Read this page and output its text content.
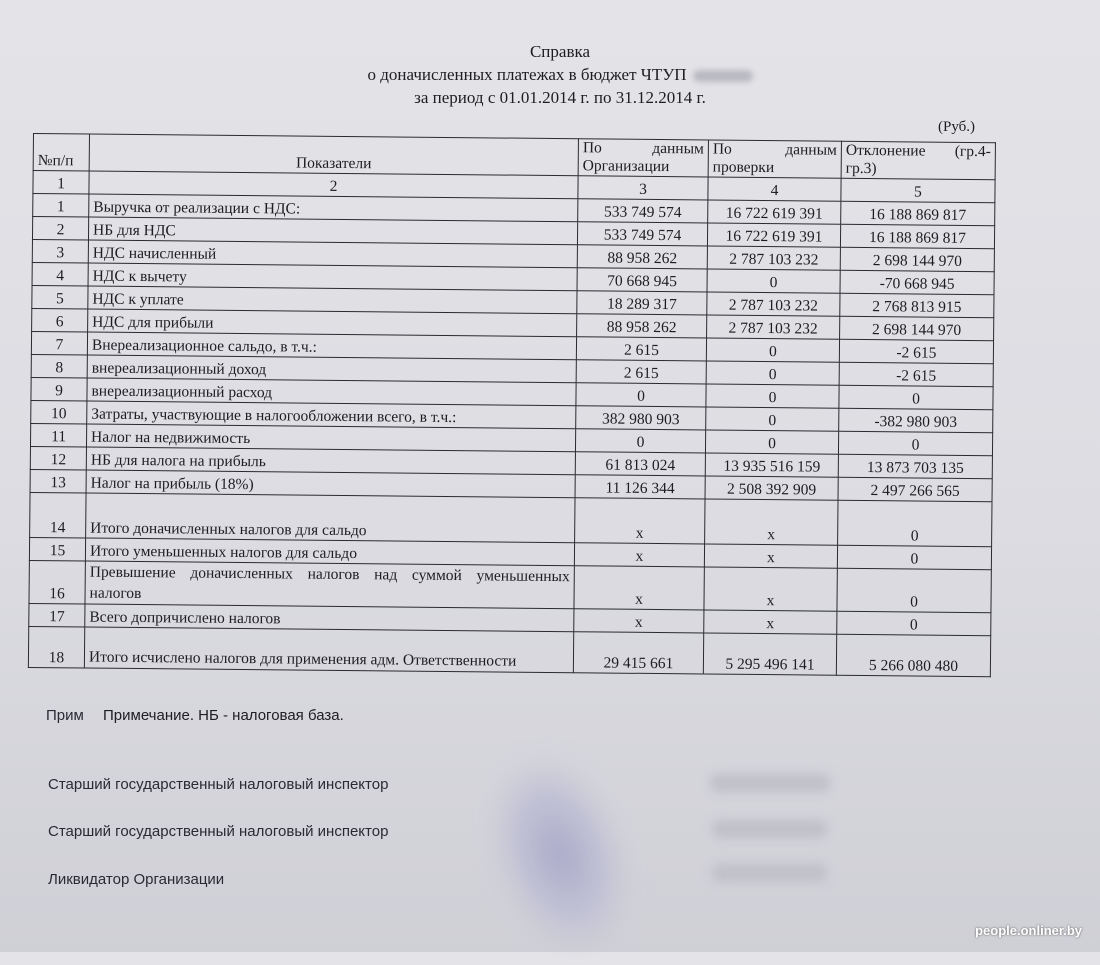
Справка
о доначисленных платежах в бюджет ЧТУП
за период с 01.01.2014 г. по 31.12.2014 г.
(Руб.)
№п/п	Показатели	По данным Организации	По данным проверки	Отклонение (гр.4-гр.3)
1	2	3	4	5
1	Выручка от реализации с НДС:	533 749 574	16 722 619 391	16 188 869 817
2	НБ для НДС	533 749 574	16 722 619 391	16 188 869 817
3	НДС начисленный	88 958 262	2 787 103 232	2 698 144 970
4	НДС к вычету	70 668 945	0	-70 668 945
5	НДС к уплате	18 289 317	2 787 103 232	2 768 813 915
6	НДС для прибыли	88 958 262	2 787 103 232	2 698 144 970
7	Внереализационное сальдо, в т.ч.:	2 615	0	-2 615
8	внереализационный доход	2 615	0	-2 615
9	внереализационный расход	0	0	0
10	Затраты, участвующие в налогообложении всего, в т.ч.:	382 980 903	0	-382 980 903
11	Налог на недвижимость	0	0	0
12	НБ для налога на прибыль	61 813 024	13 935 516 159	13 873 703 135
13	Налог на прибыль (18%)	11 126 344	2 508 392 909	2 497 266 565
14	Итого доначисленных налогов для сальдо	x	x	0
15	Итого уменьшенных налогов для сальдо	x	x	0
16	Превышение доначисленных налогов над суммой уменьшенных налогов	x	x	0
17	Всего допричислено налогов	x	x	0
18	Итого исчислено налогов для применения адм. Ответственности	29 415 661	5 295 496 141	5 266 080 480
Прим	Примечание. НБ - налоговая база.
Старший государственный налоговый инспектор
Старший государственный налоговый инспектор
Ликвидатор Организации
people.onliner.by
